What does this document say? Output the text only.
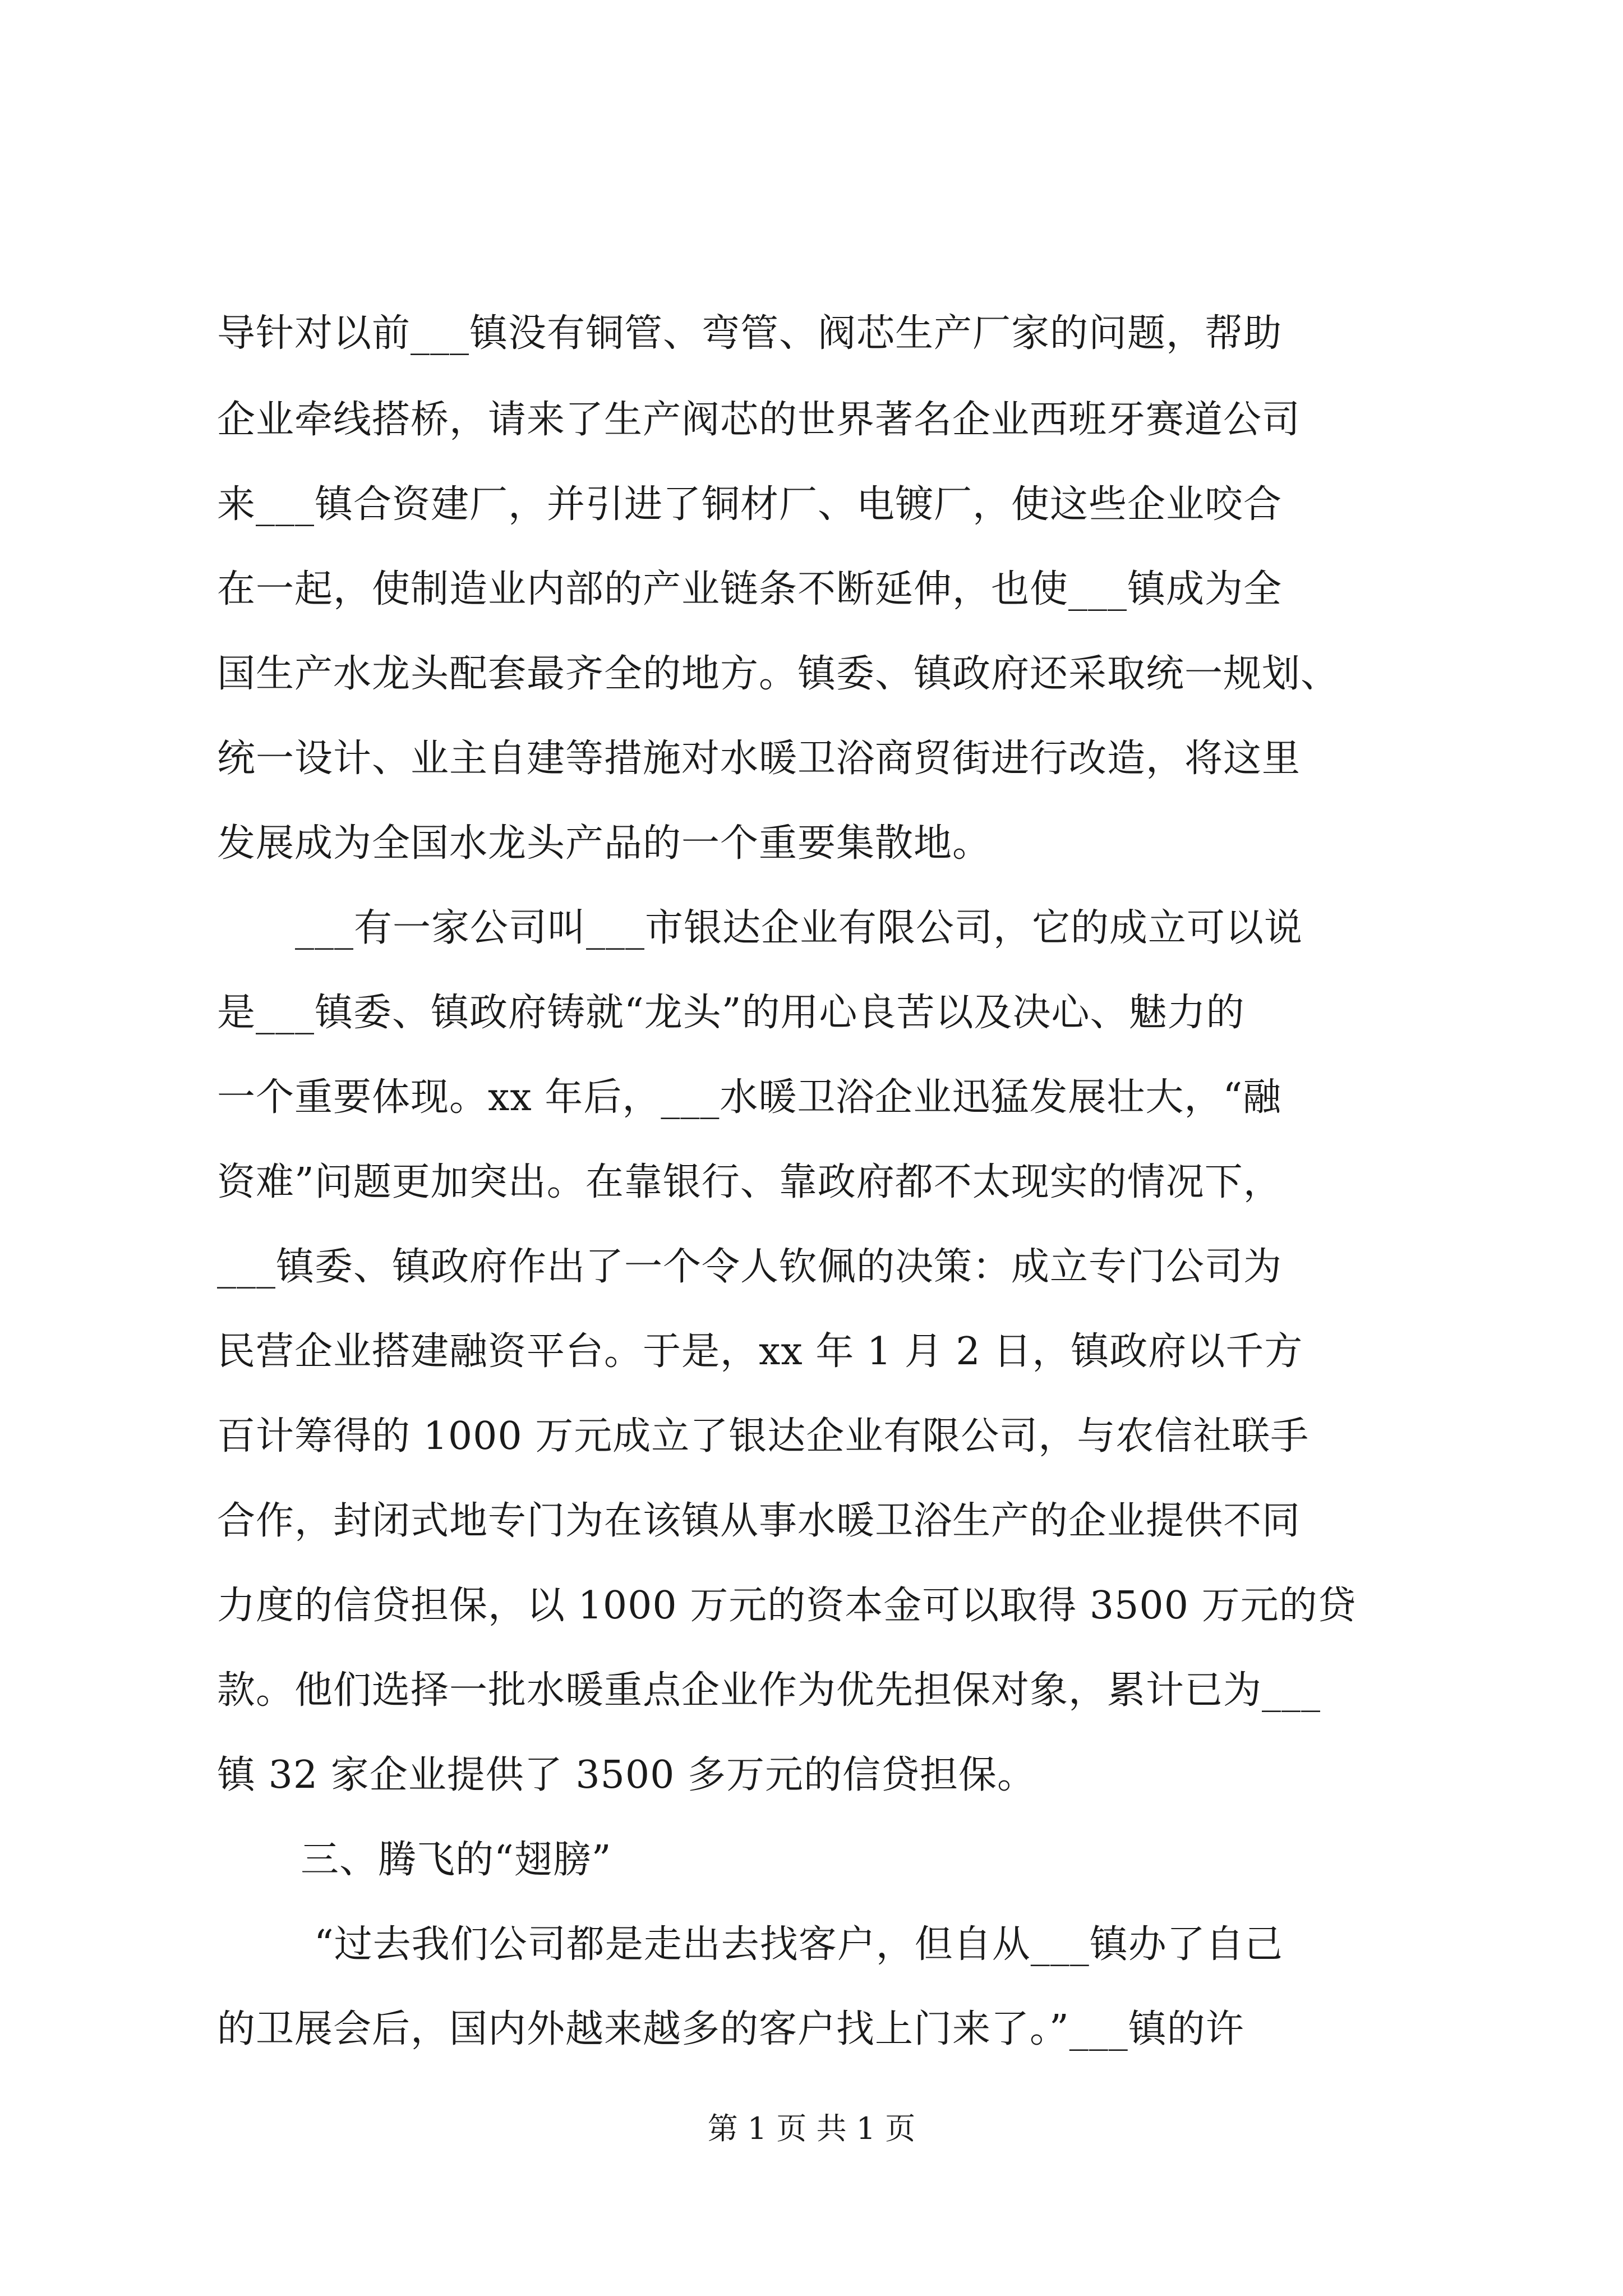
导针对以前___镇没有铜管、弯管、阀芯生产厂家的问题，帮助
企业牵线搭桥，请来了生产阀芯的世界著名企业西班牙赛道公司
来___镇合资建厂，并引进了铜材厂、电镀厂，使这些企业咬合
在一起，使制造业内部的产业链条不断延伸，也使___镇成为全
国生产水龙头配套最齐全的地方。镇委、镇政府还采取统一规划、
统一设计、业主自建等措施对水暖卫浴商贸街进行改造，将这里
发展成为全国水龙头产品的一个重要集散地。
___有一家公司叫___市银达企业有限公司，它的成立可以说
是___镇委、镇政府铸就“龙头”的用心良苦以及决心、魅力的
一个重要体现。xx 年后，___水暖卫浴企业迅猛发展壮大，“融
资难”问题更加突出。在靠银行、靠政府都不太现实的情况下，
___镇委、镇政府作出了一个令人钦佩的决策：成立专门公司为
民营企业搭建融资平台。于是，xx 年 1 月 2 日，镇政府以千方
百计筹得的 1000 万元成立了银达企业有限公司，与农信社联手
合作，封闭式地专门为在该镇从事水暖卫浴生产的企业提供不同
力度的信贷担保，以 1000 万元的资本金可以取得 3500 万元的贷
款。他们选择一批水暖重点企业作为优先担保对象，累计已为___
镇 32 家企业提供了 3500 多万元的信贷担保。
三、腾飞的“翅膀”
“过去我们公司都是走出去找客户，但自从___镇办了自己
的卫展会后，国内外越来越多的客户找上门来了。”___镇的许
第 1 页 共 1 页
